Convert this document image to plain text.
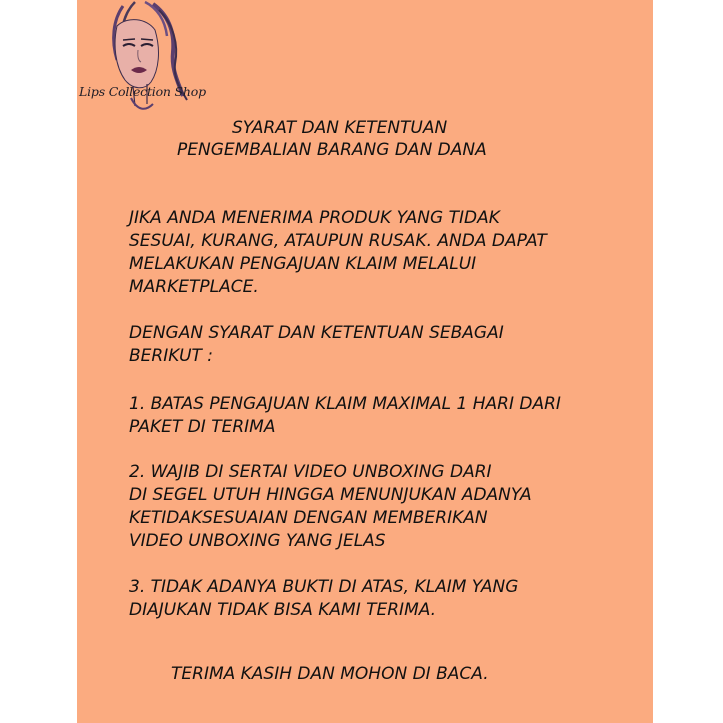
Lips Collection Shop
SYARAT DAN KETENTUAN
PENGEMBALIAN BARANG DAN DANA
JIKA ANDA MENERIMA PRODUK YANG TIDAK
SESUAI, KURANG, ATAUPUN RUSAK. ANDA DAPAT
MELAKUKAN PENGAJUAN KLAIM MELALUI
MARKETPLACE.
DENGAN SYARAT DAN KETENTUAN SEBAGAI
BERIKUT :
1. BATAS PENGAJUAN KLAIM MAXIMAL 1 HARI DARI
PAKET DI TERIMA
2. WAJIB DI SERTAI VIDEO UNBOXING DARI
DI SEGEL UTUH HINGGA MENUNJUKAN ADANYA
KETIDAKSESUAIAN DENGAN MEMBERIKAN
VIDEO UNBOXING YANG JELAS
3. TIDAK ADANYA BUKTI DI ATAS, KLAIM YANG
DIAJUKAN TIDAK BISA KAMI TERIMA.
TERIMA KASIH DAN MOHON DI BACA.
